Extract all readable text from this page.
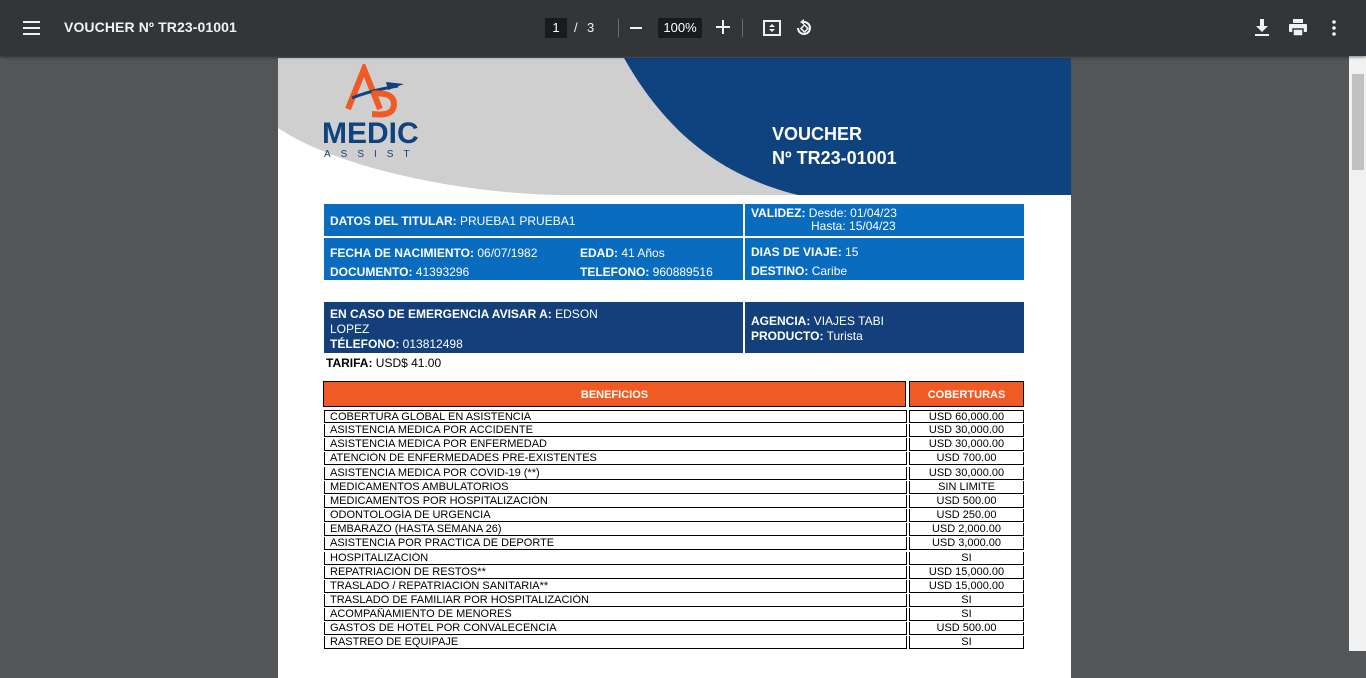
VOUCHER Nº TR23-01001	1	/ 3	100%
MEDIC
ASSIST
VOUCHER
Nº TR23-01001
DATOS DEL TITULAR: PRUEBA1 PRUEBA1
VALIDEZ: Desde: 01/04/23
Hasta: 15/04/23
FECHA DE NACIMIENTO: 06/07/1982	EDAD: 41 Años
DOCUMENTO: 41393296	TELEFONO: 960889516
DIAS DE VIAJE: 15
DESTINO: Caribe
EN CASO DE EMERGENCIA AVISAR A: EDSON
LOPEZ
TÉLEFONO: 013812498
AGENCIA: VIAJES TABI
PRODUCTO: Turista
TARIFA: USD$ 41.00
BENEFICIOS	COBERTURAS
COBERTURA GLOBAL EN ASISTENCIA	USD 60,000.00
ASISTENCIA MEDICA POR ACCIDENTE	USD 30,000.00
ASISTENCIA MEDICA POR ENFERMEDAD	USD 30,000.00
ATENCIÓN DE ENFERMEDADES PRE-EXISTENTES	USD 700.00
ASISTENCIA MEDICA POR COVID-19 (**)	USD 30,000.00
MEDICAMENTOS AMBULATORIOS	SIN LIMITE
MEDICAMENTOS POR HOSPITALIZACIÓN	USD 500.00
ODONTOLOGÍA DE URGENCIA	USD 250.00
EMBARAZO (HASTA SEMANA 26)	USD 2,000.00
ASISTENCIA POR PRACTICA DE DEPORTE	USD 3,000.00
HOSPITALIZACIÓN	SI
REPATRIACIÓN DE RESTOS**	USD 15,000.00
TRASLADO / REPATRIACIÓN SANITARIA**	USD 15,000.00
TRASLADO DE FAMILIAR POR HOSPITALIZACIÓN	SI
ACOMPAÑAMIENTO DE MENORES	SI
GASTOS DE HOTEL POR CONVALECENCIA	USD 500.00
RASTREO DE EQUIPAJE	SI
